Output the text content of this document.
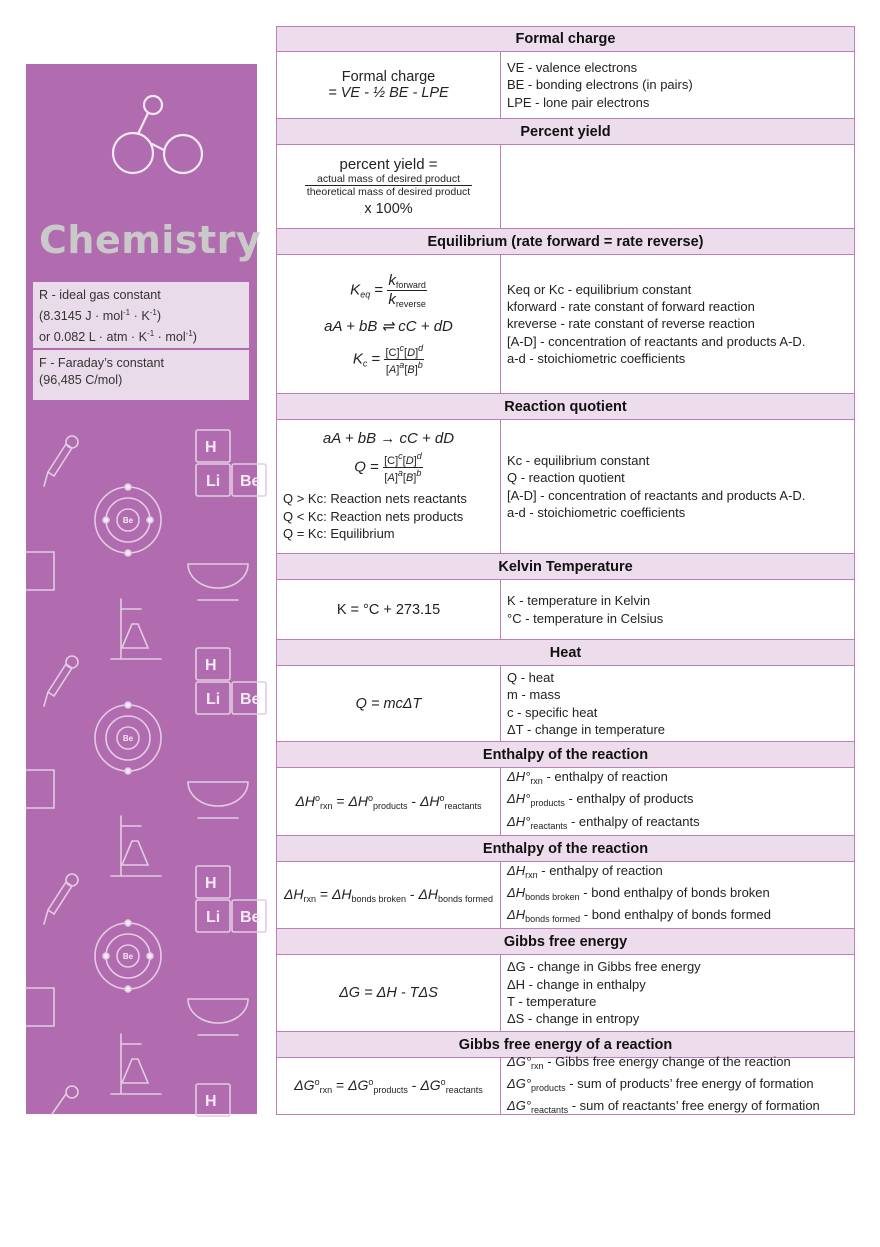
H
Li Be
H
Li Be
H
Li Be
H
Be
Be
Be
Chemistry
R - ideal gas constant
(8.3145 $J \cdot mol^{-1} \cdot K^{-1}$)
or 0.082 L · atm · $K^{-1} \cdot mol^{-1}$)
F - Faraday’s constant
(96,485 C/mol)
Formal charge
Formal charge
= VE - ½ BE - LPE
VE - valence electrons
BE - bonding electrons (in pairs)
LPE - lone pair electrons
Percent yield
percent yield =
$\frac{\text{actual mass of desired product}}{\text{theoretical mass of desired product}}$
x 100%
Equilibrium (rate forward = rate reverse)
$K_{eq} = \frac{k_{forward}}{k_{reverse}}$
aA + bB ⇌ cC + dD
$K_c = \frac{[C]^c[D]^d}{[A]^a[B]^b}$
Keq or Kc - equilibrium constant
kforward - rate constant of forward reaction
kreverse - rate constant of reverse reaction
[A-D] - concentration of reactants and products A-D.
a-d - stoichiometric coefficients
Reaction quotient
aA + bB → cC + dD
$Q = \frac{[C]^c[D]^d}{[A]^a[B]^b}$
Q > Kc: Reaction nets reactants
Q < Kc: Reaction nets products
Q = Kc: Equilibrium
Kc - equilibrium constant
Q - reaction quotient
[A-D] - concentration of reactants and products A-D.
a-d - stoichiometric coefficients
Kelvin Temperature
K = °C + 273.15
K - temperature in Kelvin
°C - temperature in Celsius
Heat
Q = mcΔT
Q - heat
m - mass
c - specific heat
ΔT - change in temperature
Enthalpy of the reaction
$\Delta H^o_{rxn} = \Delta H^o_{products} - \Delta H^o_{reactants}$
$\Delta H^\circ_{rxn}$ - enthalpy of reaction
$\Delta H^\circ_{products}$ - enthalpy of products
$\Delta H^\circ_{reactants}$ - enthalpy of reactants
Enthalpy of the reaction
$\Delta H_{rxn} = \Delta H_{bonds broken} - \Delta H_{bonds formed}$
$\Delta H_{rxn}$ - enthalpy of reaction
$\Delta H_{bonds broken}$ - bond enthalpy of bonds broken
$\Delta H_{bonds formed}$ - bond enthalpy of bonds formed
Gibbs free energy
ΔG = ΔH - TΔS
ΔG - change in Gibbs free energy
ΔH - change in enthalpy
T - temperature
ΔS - change in entropy
Gibbs free energy of a reaction
$\Delta G^o_{rxn} = \Delta G^o_{products} - \Delta G^o_{reactants}$
$\Delta G^\circ_{rxn}$ - Gibbs free energy change of the reaction
$\Delta G^\circ_{products}$ - sum of products’ free energy of formation
$\Delta G^\circ_{reactants}$ - sum of reactants’ free energy of formation
